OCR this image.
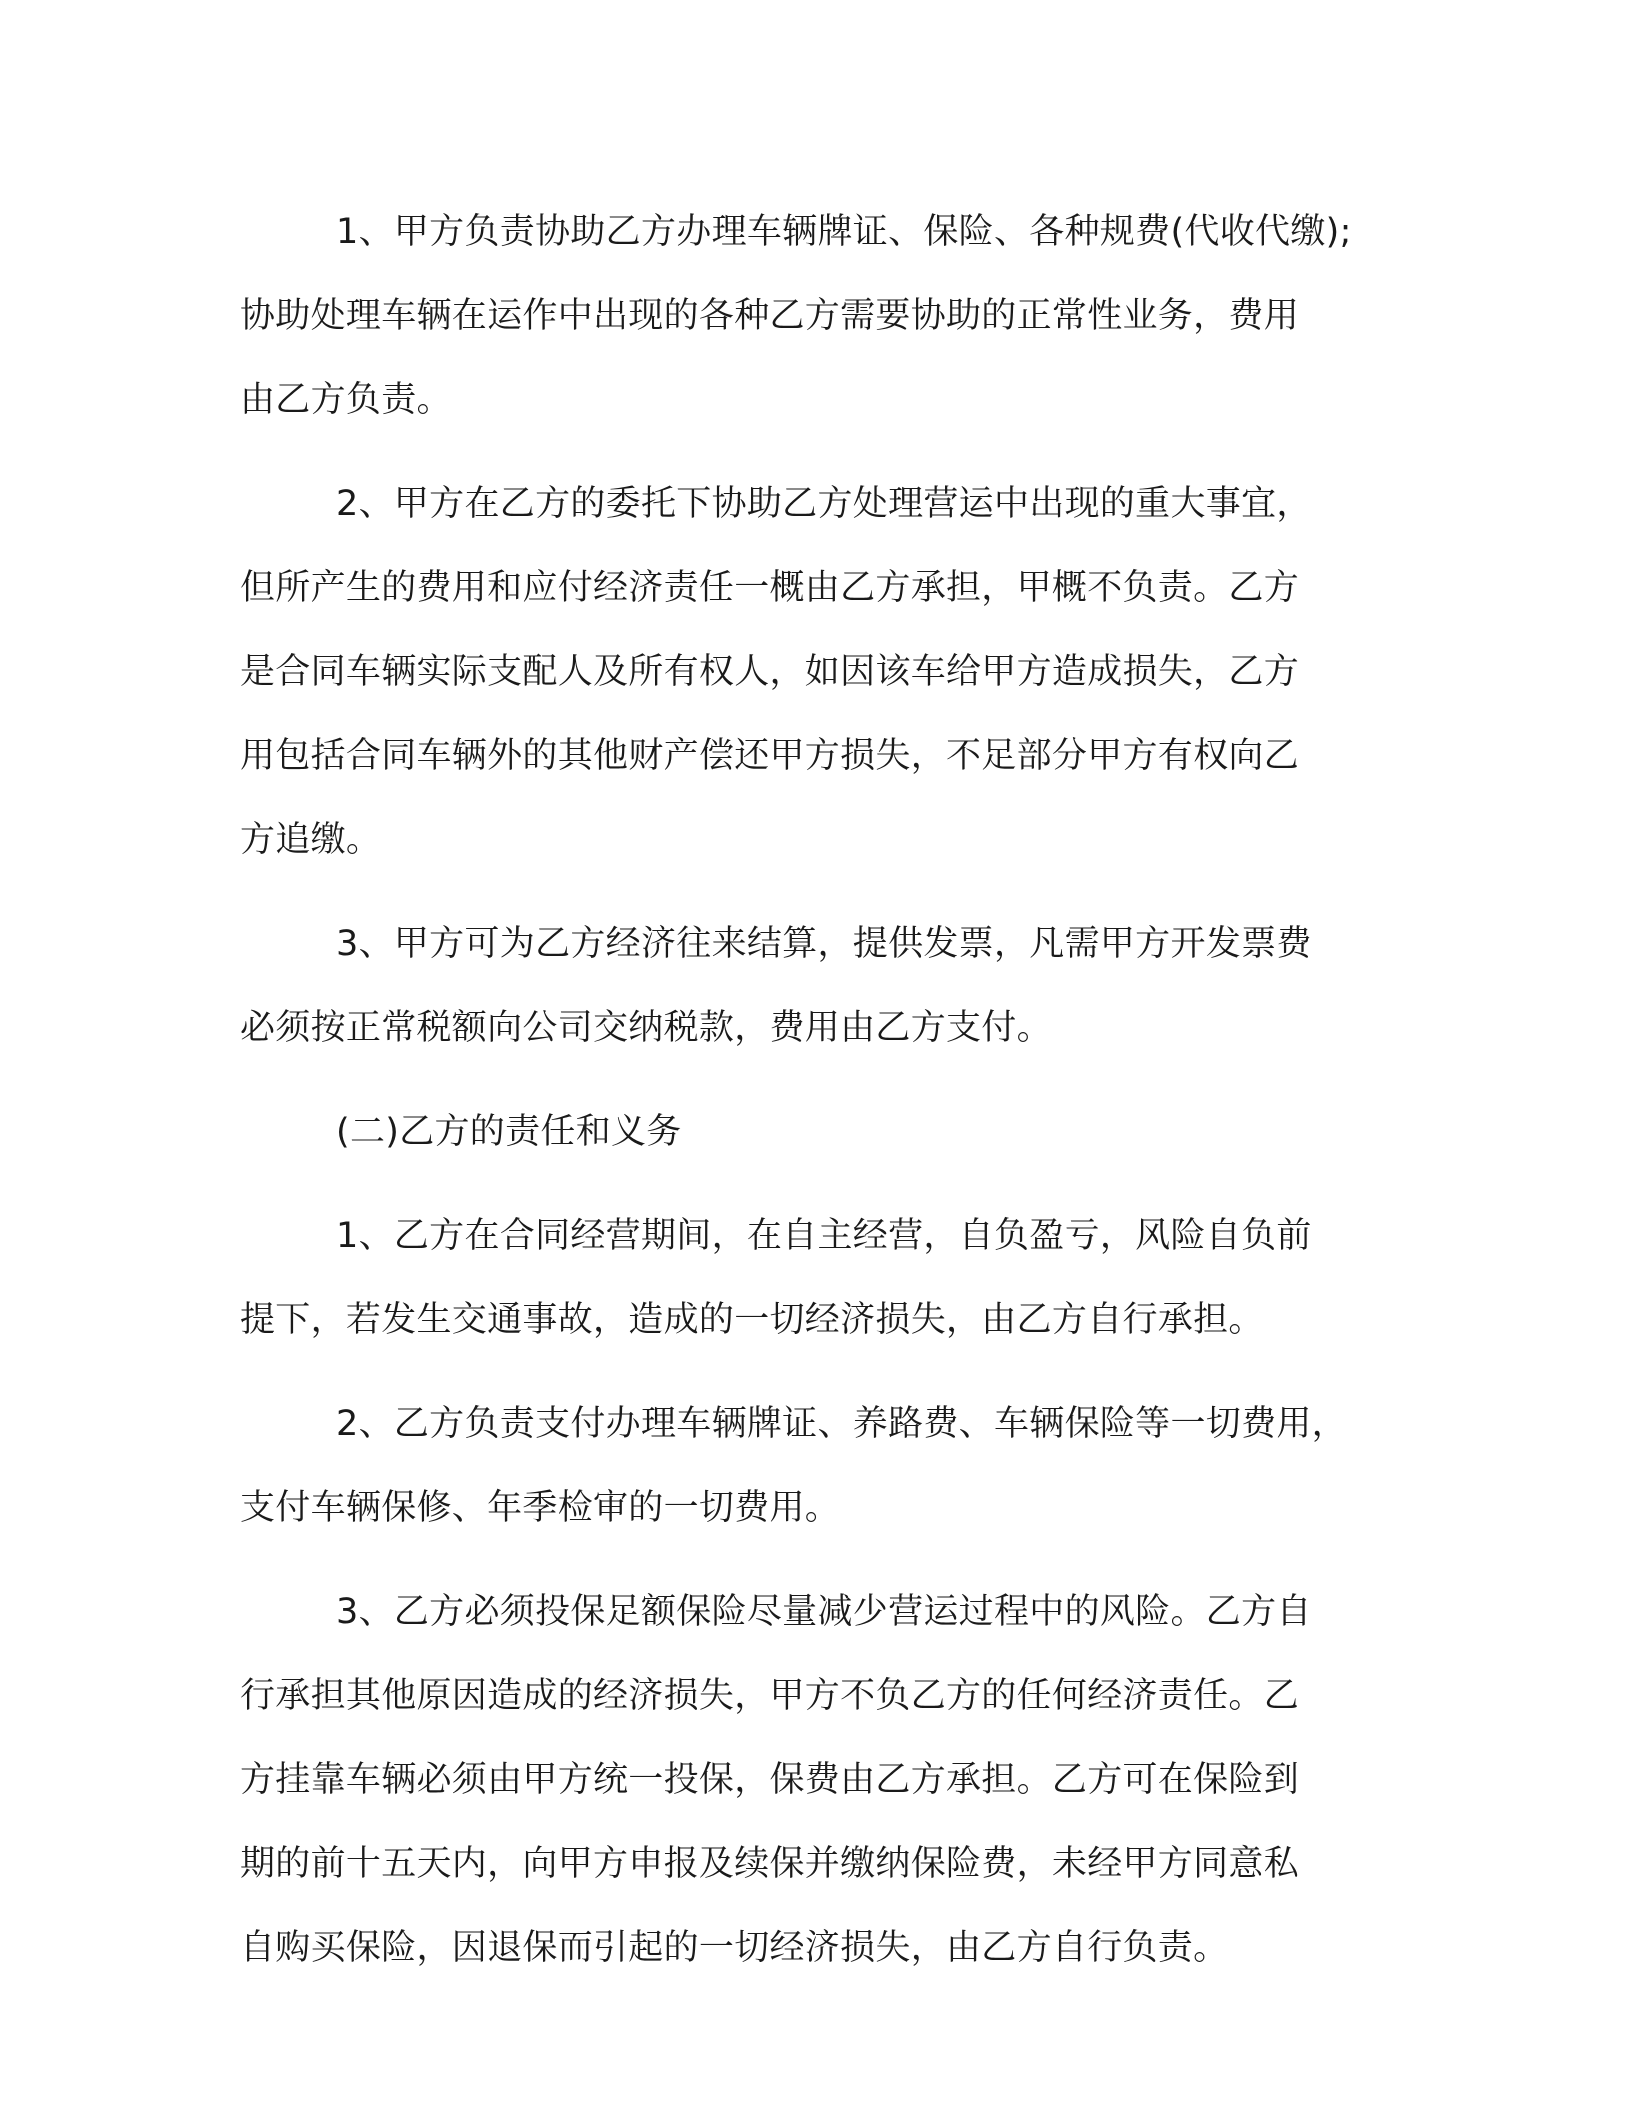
1、甲方负责协助乙方办理车辆牌证、保险、各种规费(代收代缴);
协助处理车辆在运作中出现的各种乙方需要协助的正常性业务，费用
由乙方负责。

2、甲方在乙方的委托下协助乙方处理营运中出现的重大事宜，
但所产生的费用和应付经济责任一概由乙方承担，甲概不负责。乙方
是合同车辆实际支配人及所有权人，如因该车给甲方造成损失，乙方
用包括合同车辆外的其他财产偿还甲方损失，不足部分甲方有权向乙
方追缴。

3、甲方可为乙方经济往来结算，提供发票，凡需甲方开发票费
必须按正常税额向公司交纳税款，费用由乙方支付。

(二)乙方的责任和义务

1、乙方在合同经营期间，在自主经营，自负盈亏，风险自负前
提下，若发生交通事故，造成的一切经济损失，由乙方自行承担。

2、乙方负责支付办理车辆牌证、养路费、车辆保险等一切费用，
支付车辆保修、年季检审的一切费用。

3、乙方必须投保足额保险尽量减少营运过程中的风险。乙方自
行承担其他原因造成的经济损失，甲方不负乙方的任何经济责任。乙
方挂靠车辆必须由甲方统一投保，保费由乙方承担。乙方可在保险到
期的前十五天内，向甲方申报及续保并缴纳保险费，未经甲方同意私
自购买保险，因退保而引起的一切经济损失，由乙方自行负责。
